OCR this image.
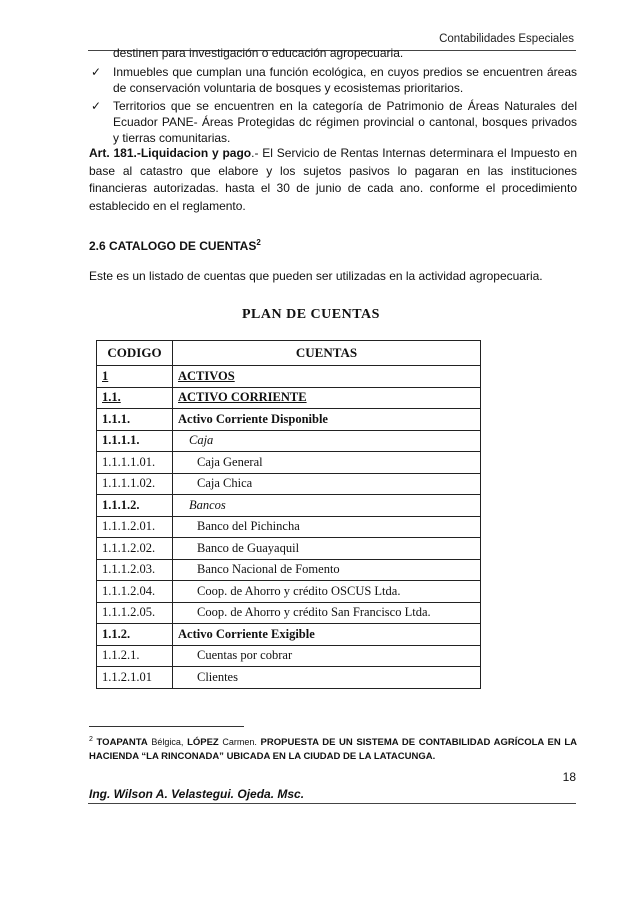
Contabilidades Especiales
destinen para investigación o educación agropecuaria.
✓ Inmuebles que cumplan una función ecológica, en cuyos predios se encuentren áreas de conservación voluntaria de bosques y ecosistemas prioritarios.
✓ Territorios que se encuentren en la categoría de Patrimonio de Áreas Naturales del Ecuador PANE- Áreas Protegidas dc régimen provincial o cantonal, bosques privados y tierras comunitarias.
Art. 181.-Liquidacion y pago.- El Servicio de Rentas Internas determinara el Impuesto en base al catastro que elabore y los sujetos pasivos lo pagaran en las instituciones financieras autorizadas. hasta el 30 de junio de cada ano. conforme el procedimiento establecido en el reglamento.
2.6 CATALOGO DE CUENTAS$^2$
Este es un listado de cuentas que pueden ser utilizadas en la actividad agropecuaria.
PLAN DE CUENTAS
CODIGO	CUENTAS
1	ACTIVOS
1.1.	ACTIVO CORRIENTE
1.1.1.	Activo Corriente Disponible
1.1.1.1.	Caja
1.1.1.1.01.	Caja General
1.1.1.1.02.	Caja Chica
1.1.1.2.	Bancos
1.1.1.2.01.	Banco del Pichincha
1.1.1.2.02.	Banco de Guayaquil
1.1.1.2.03.	Banco Nacional de Fomento
1.1.1.2.04.	Coop. de Ahorro y crédito OSCUS Ltda.
1.1.1.2.05.	Coop. de Ahorro y crédito San Francisco Ltda.
1.1.2.	Activo Corriente Exigible
1.1.2.1.	Cuentas por cobrar
1.1.2.1.01	Clientes
$^2$ TOAPANTA Bélgica, LÓPEZ Carmen. PROPUESTA DE UN SISTEMA DE CONTABILIDAD AGRÍCOLA EN LA HACIENDA “LA RINCONADA” UBICADA EN LA CIUDAD DE LA LATACUNGA.
18
Ing. Wilson A. Velastegui. Ojeda. Msc.
